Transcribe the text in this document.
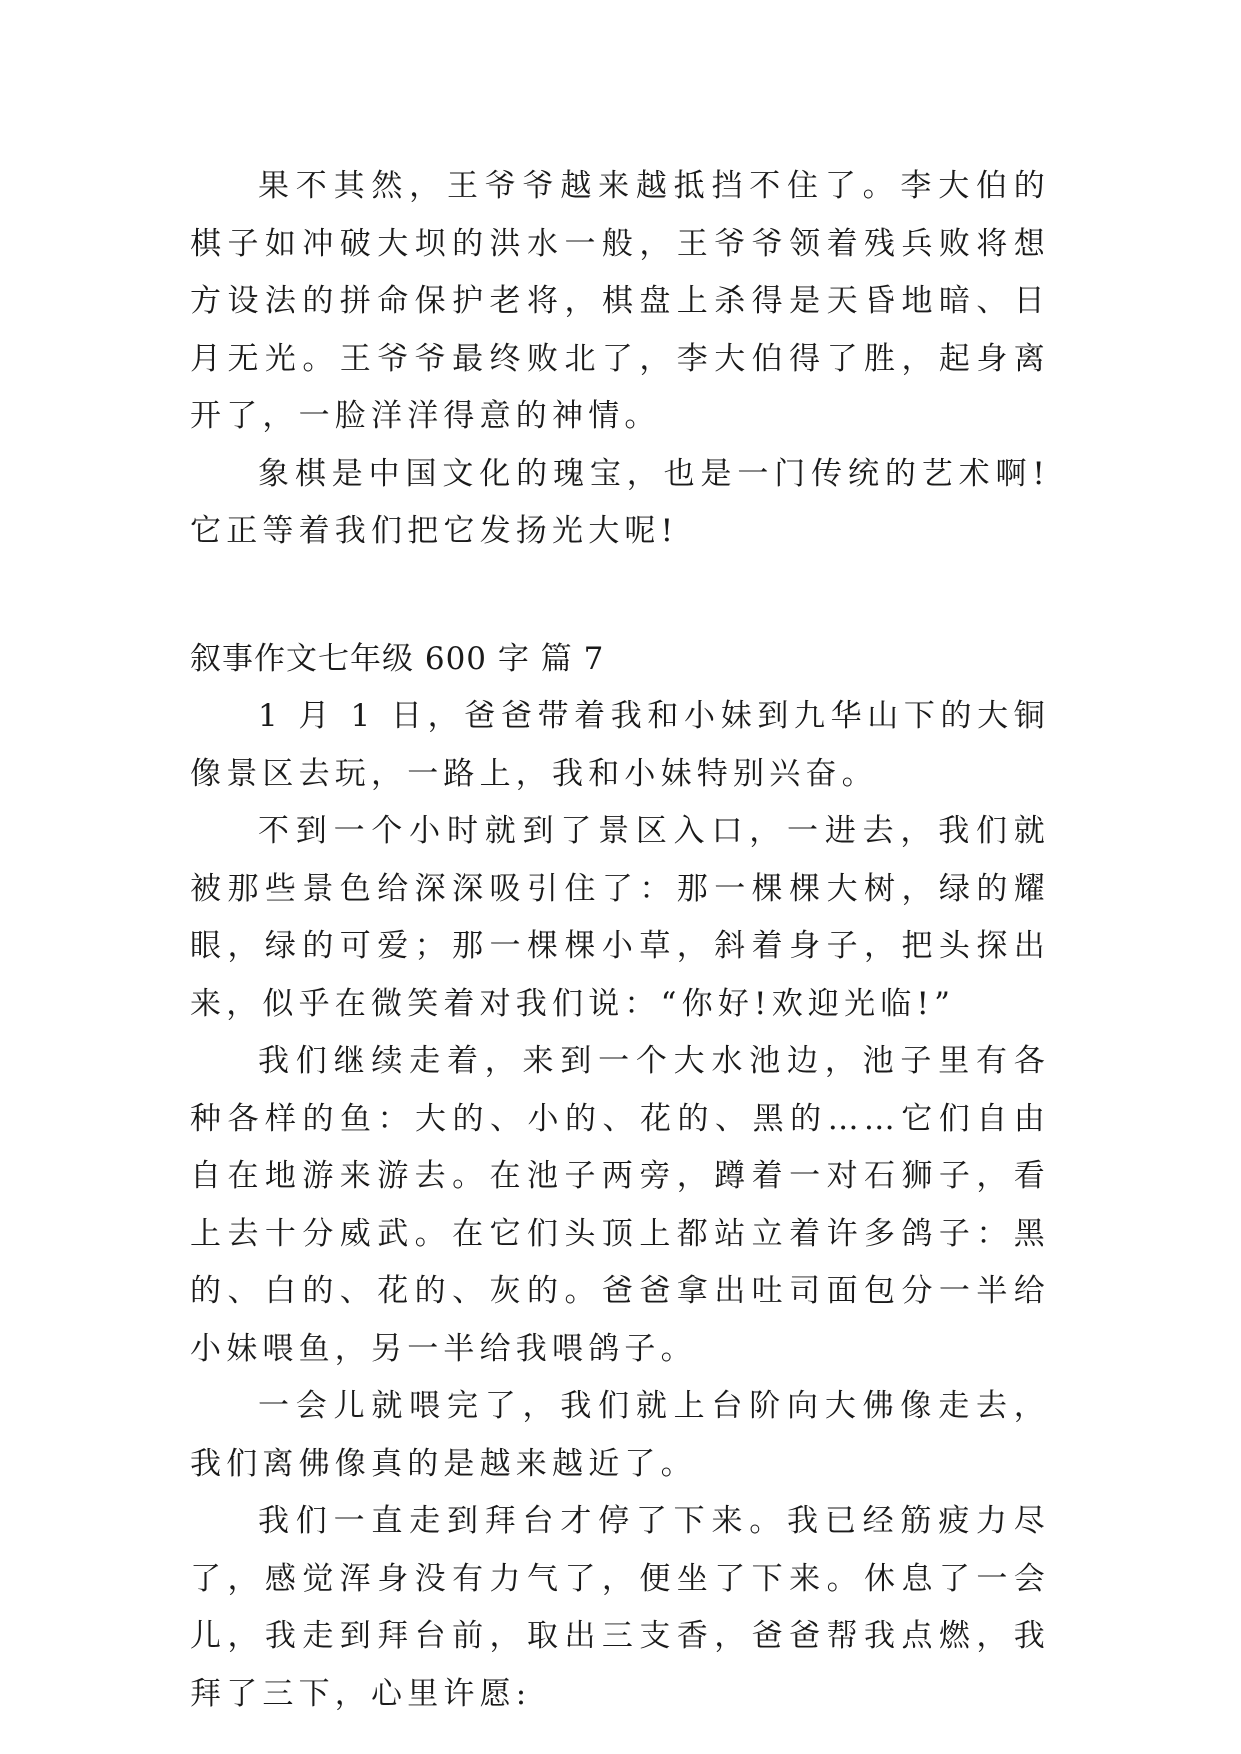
果不其然，王爷爷越来越抵挡不住了。李大伯的棋子如冲破大坝的洪水一般，王爷爷领着残兵败将想方设法的拼命保护老将，棋盘上杀得是天昏地暗、日月无光。王爷爷最终败北了，李大伯得了胜，起身离开了，一脸洋洋得意的神情。

象棋是中国文化的瑰宝，也是一门传统的艺术啊!它正等着我们把它发扬光大呢!

叙事作文七年级 600 字 篇 7

1 月 1 日，爸爸带着我和小妹到九华山下的大铜像景区去玩，一路上，我和小妹特别兴奋。

不到一个小时就到了景区入口，一进去，我们就被那些景色给深深吸引住了：那一棵棵大树，绿的耀眼，绿的可爱；那一棵棵小草，斜着身子，把头探出来，似乎在微笑着对我们说：“你好!欢迎光临!”

我们继续走着，来到一个大水池边，池子里有各种各样的鱼：大的、小的、花的、黑的……它们自由自在地游来游去。在池子两旁，蹲着一对石狮子，看上去十分威武。在它们头顶上都站立着许多鸽子：黑的、白的、花的、灰的。爸爸拿出吐司面包分一半给小妹喂鱼，另一半给我喂鸽子。

一会儿就喂完了，我们就上台阶向大佛像走去，我们离佛像真的是越来越近了。

我们一直走到拜台才停了下来。我已经筋疲力尽了，感觉浑身没有力气了，便坐了下来。休息了一会儿，我走到拜台前，取出三支香，爸爸帮我点燃，我拜了三下，心里许愿:
